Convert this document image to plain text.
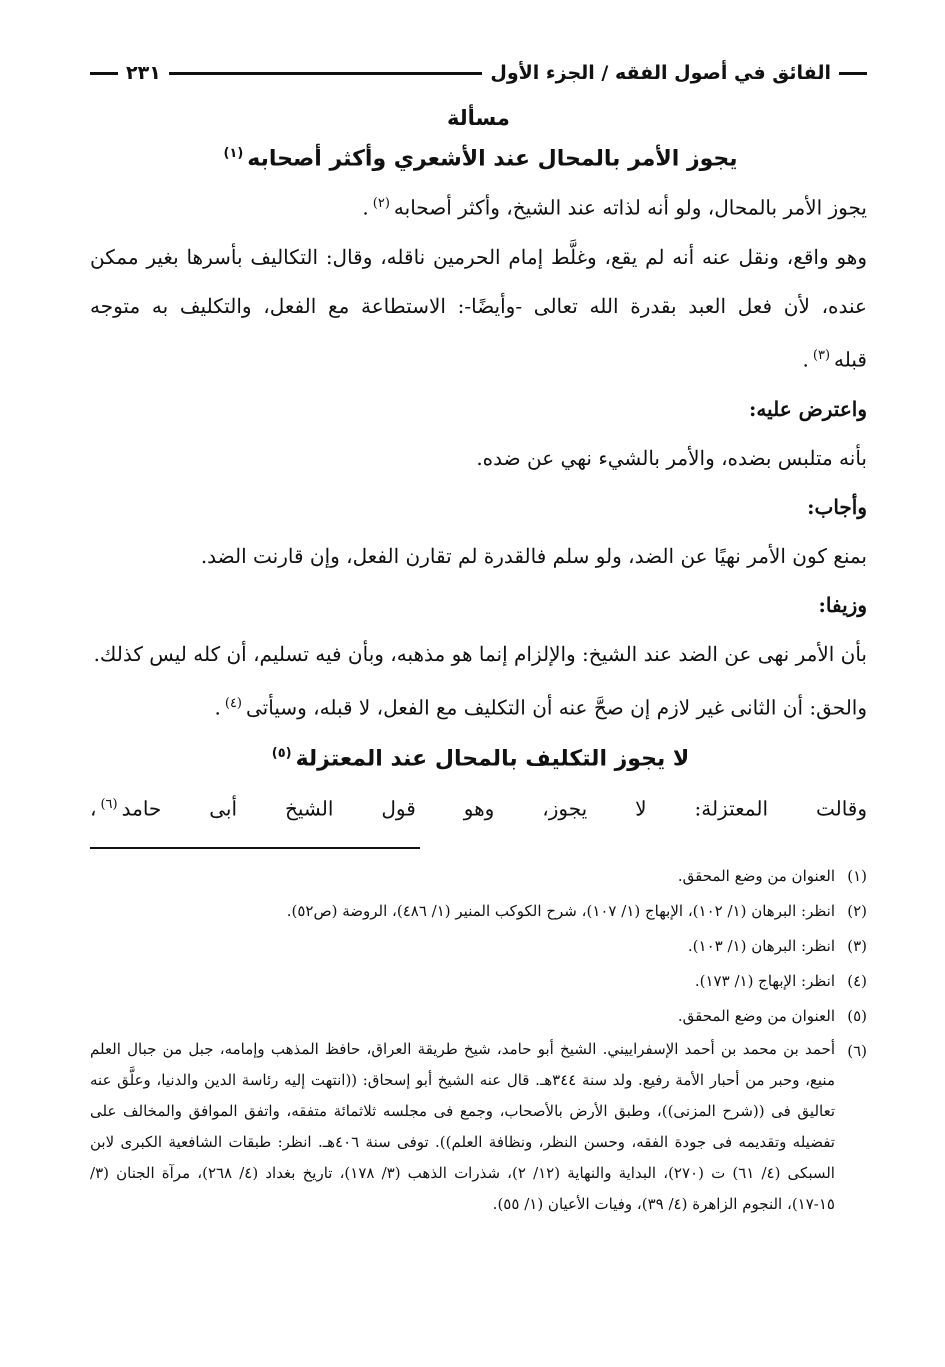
الفائق في أصول الفقه / الجزء الأول
٢٣١
مسألة
يجوز الأمر بالمحال عند الأشعري وأكثر أصحابه$^{(١)}$

يجوز الأمر بالمحال، ولو أنه لذاته عند الشيخ، وأكثر أصحابه$^{(٢)}$.

وهو واقع، ونقل عنه أنه لم يقع، وغلَّط إمام الحرمين ناقله، وقال: التكاليف بأسرها بغير ممكن عنده، لأن فعل العبد بقدرة الله تعالى -وأيضًا-: الاستطاعة مع الفعل، والتكليف به متوجه قبله$^{(٣)}$.

واعترض عليه:

بأنه متلبس بضده، والأمر بالشيء نهي عن ضده.

وأجاب:

بمنع كون الأمر نهيًا عن الضد، ولو سلم فالقدرة لم تقارن الفعل، وإن قارنت الضد.

وزيفا:

بأن الأمر نهى عن الضد عند الشيخ: والإلزام إنما هو مذهبه، وبأن فيه تسليم، أن كله ليس كذلك.

والحق: أن الثانى غير لازم إن صحَّ عنه أن التكليف مع الفعل، لا قبله، وسيأتى$^{(٤)}$.

لا يجوز التكليف بالمحال عند المعتزلة$^{(٥)}$

وقالت المعتزلة: لا يجوز، وهو قول الشيخ أبى حامد$^{(٦)}$،

(١)
العنوان من وضع المحقق.

(٢)
انظر: البرهان (١/ ١٠٢)، الإبهاج (١/ ١٠٧)، شرح الكوكب المنير (١/ ٤٨٦)، الروضة (ص٥٢).

(٣)
انظر: البرهان (١/ ١٠٣).

(٤)
انظر: الإبهاج (١/ ١٧٣).

(٥)
العنوان من وضع المحقق.

(٦)
أحمد بن محمد بن أحمد الإسفراييني. الشيخ أبو حامد، شيخ طريقة العراق، حافظ المذهب وإمامه، جبل من جبال العلم منيع، وحبر من أحبار الأمة رفيع. ولد سنة ٣٤٤هـ. قال عنه الشيخ أبو إسحاق: ((انتهت إليه رئاسة الدين والدنيا، وعلَّق عنه تعاليق فى ((شرح المزنى))، وطبق الأرض بالأصحاب، وجمع فى مجلسه ثلاثمائة متفقه، واتفق الموافق والمخالف على تفضيله وتقديمه فى جودة الفقه، وحسن النظر، ونظافة العلم)). توفى سنة ٤٠٦هـ. انظر: طبقات الشافعية الكبرى لابن السبكى (٤/ ٦١) ت (٢٧٠)، البداية والنهاية (١٢/ ٢)، شذرات الذهب (٣/ ١٧٨)، تاريخ بغداد (٤/ ٢٦٨)، مرآة الجنان (٣/ ١٥-١٧)، النجوم الزاهرة (٤/ ٣٩)، وفيات الأعيان (١/ ٥٥).
